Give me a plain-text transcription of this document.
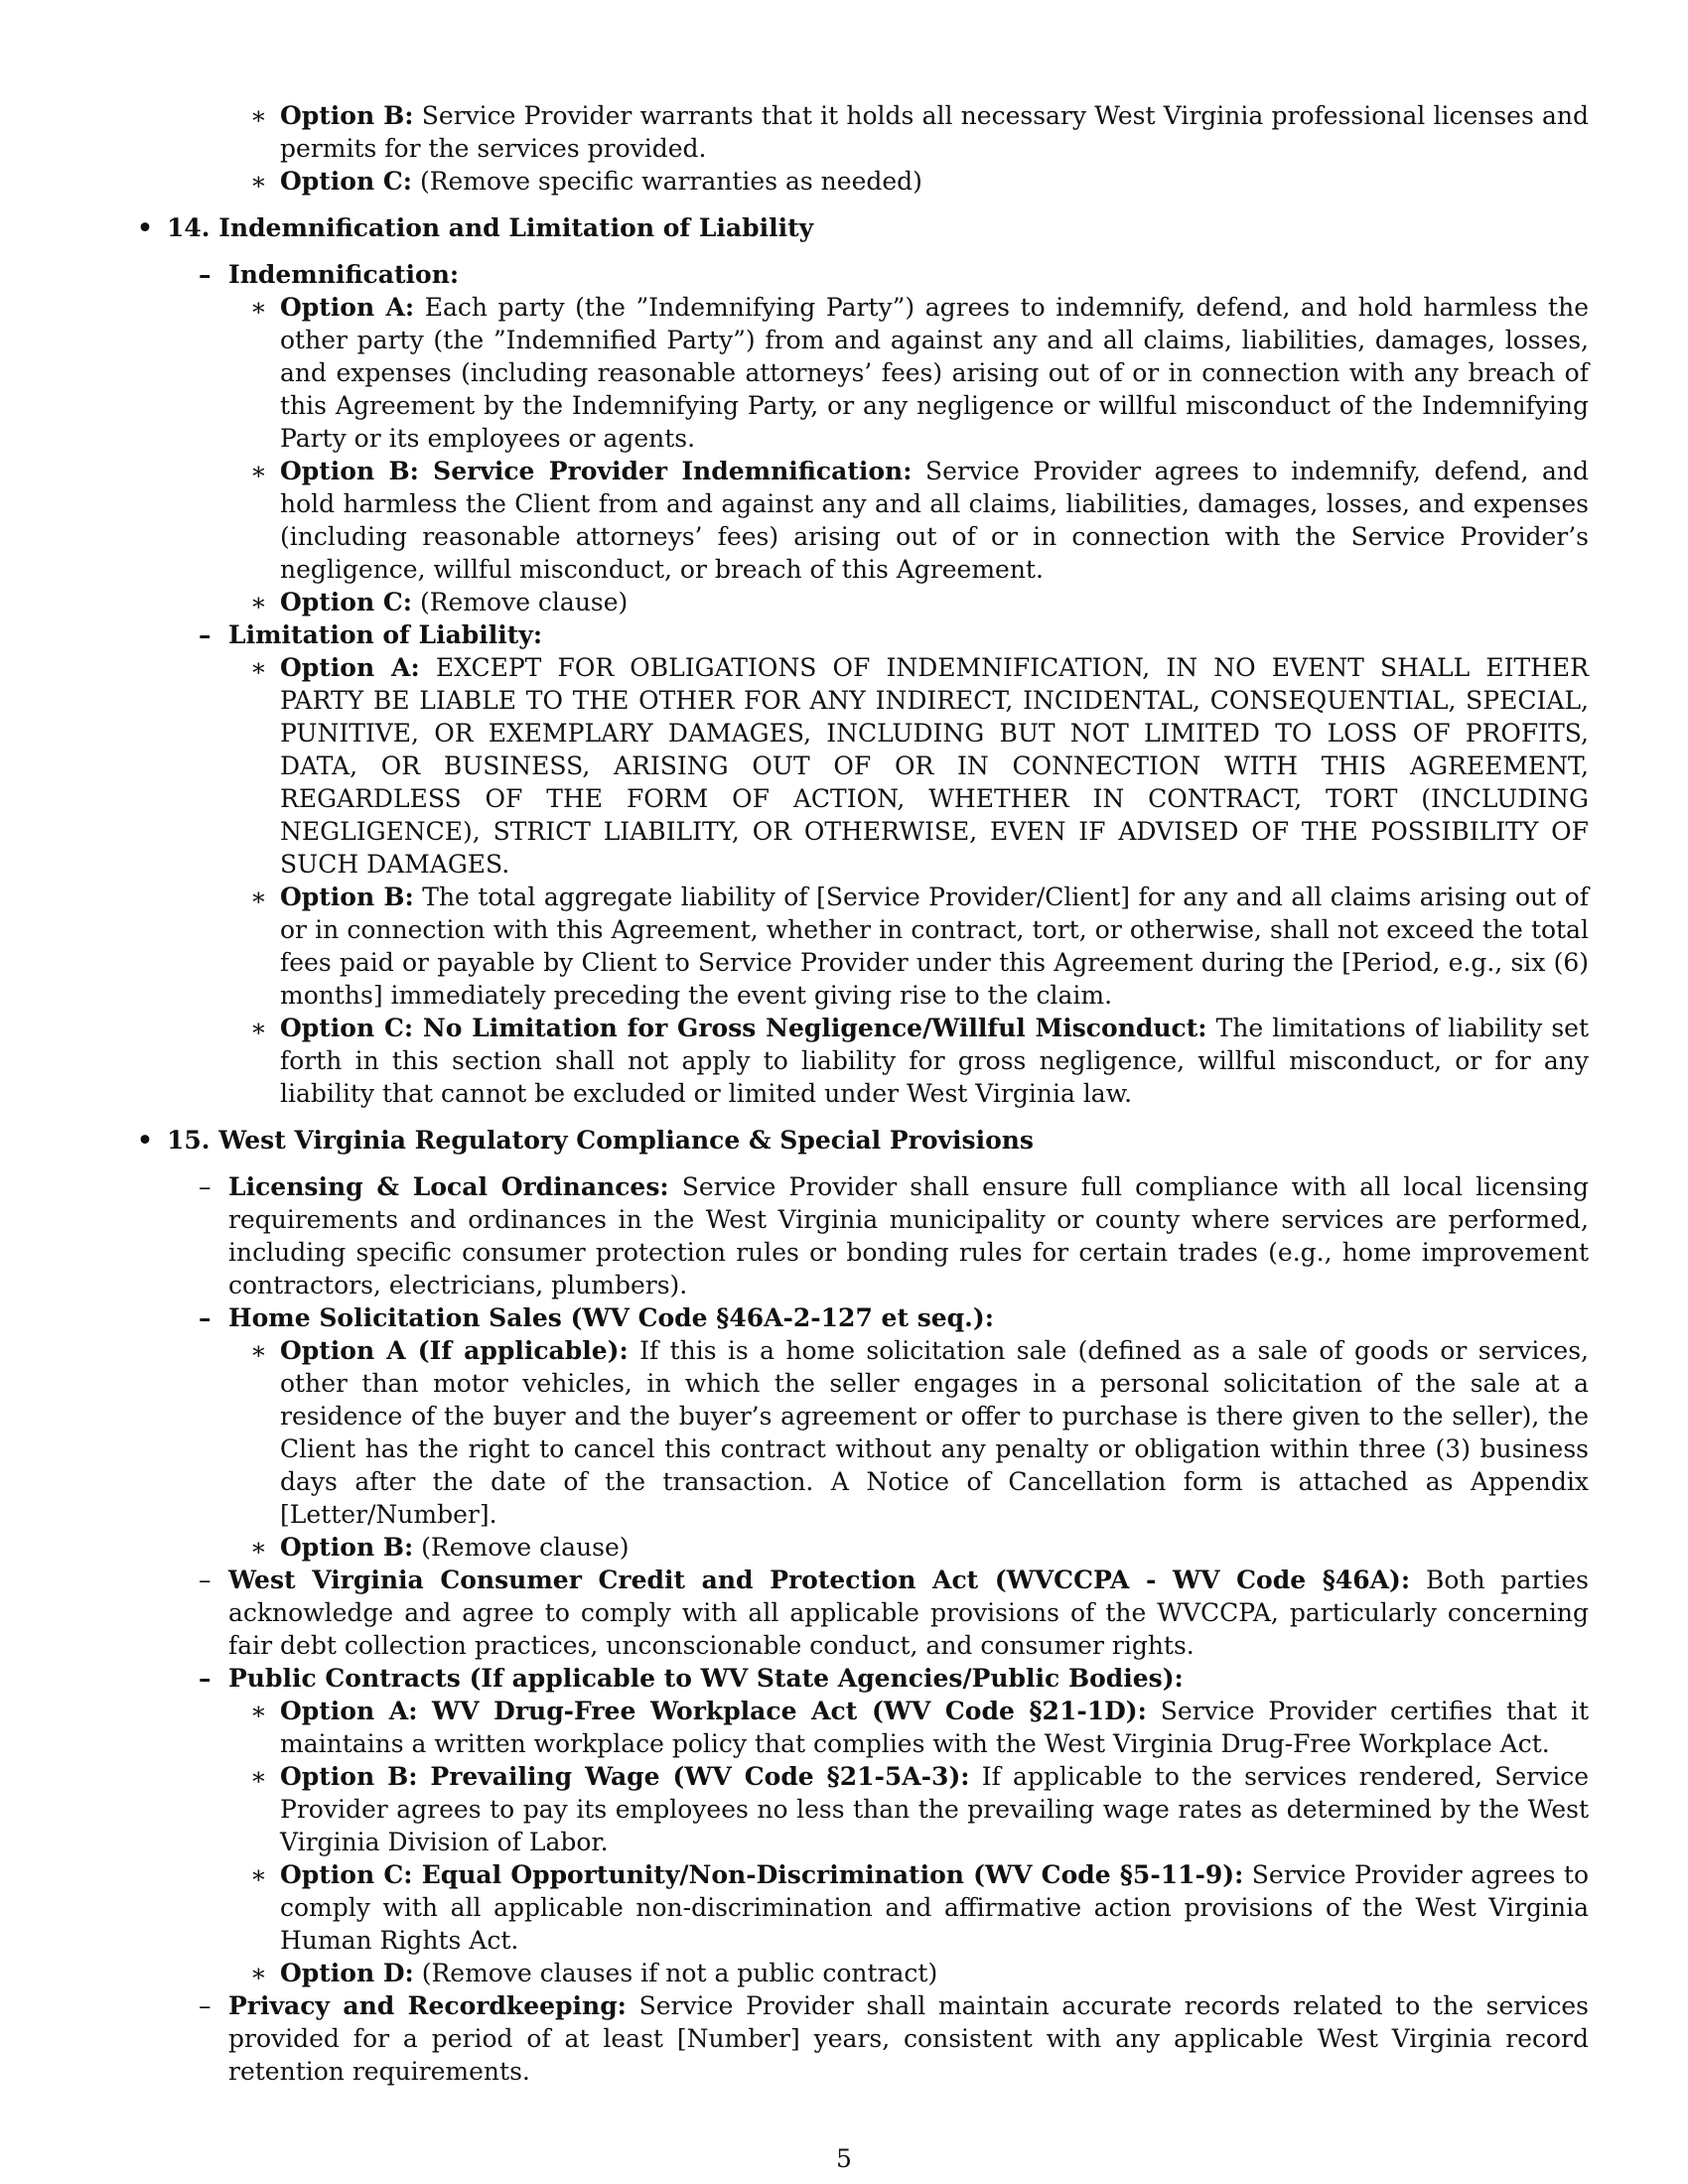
∗ Option B: Service Provider warrants that it holds all necessary West Virginia professional licenses and permits for the services provided.
∗ Option C: (Remove specific warranties as needed)
• 14. Indemnification and Limitation of Liability
– Indemnification:
∗ Option A: Each party (the ”Indemnifying Party”) agrees to indemnify, defend, and hold harmless the other party (the ”Indemnified Party”) from and against any and all claims, liabilities, damages, losses, and expenses (including reasonable attorneys’ fees) arising out of or in connection with any breach of this Agreement by the Indemnifying Party, or any negligence or willful misconduct of the Indemnifying Party or its employees or agents.
∗ Option B: Service Provider Indemnification: Service Provider agrees to indemnify, defend, and hold harmless the Client from and against any and all claims, liabilities, damages, losses, and expenses (including reasonable attorneys’ fees) arising out of or in connection with the Service Provider’s negligence, willful misconduct, or breach of this Agreement.
∗ Option C: (Remove clause)
– Limitation of Liability:
∗ Option A: EXCEPT FOR OBLIGATIONS OF INDEMNIFICATION, IN NO EVENT SHALL EITHER PARTY BE LIABLE TO THE OTHER FOR ANY INDIRECT, INCIDENTAL, CONSEQUENTIAL, SPECIAL, PUNITIVE, OR EXEMPLARY DAMAGES, INCLUDING BUT NOT LIMITED TO LOSS OF PROFITS, DATA, OR BUSINESS, ARISING OUT OF OR IN CONNECTION WITH THIS AGREEMENT, REGARDLESS OF THE FORM OF ACTION, WHETHER IN CONTRACT, TORT (INCLUDING NEGLIGENCE), STRICT LIABILITY, OR OTHERWISE, EVEN IF ADVISED OF THE POSSIBILITY OF SUCH DAMAGES.
∗ Option B: The total aggregate liability of [Service Provider/Client] for any and all claims arising out of or in connection with this Agreement, whether in contract, tort, or otherwise, shall not exceed the total fees paid or payable by Client to Service Provider under this Agreement during the [Period, e.g., six (6) months] immediately preceding the event giving rise to the claim.
∗ Option C: No Limitation for Gross Negligence/Willful Misconduct: The limitations of liability set forth in this section shall not apply to liability for gross negligence, willful misconduct, or for any liability that cannot be excluded or limited under West Virginia law.
• 15. West Virginia Regulatory Compliance & Special Provisions
– Licensing & Local Ordinances: Service Provider shall ensure full compliance with all local licensing requirements and ordinances in the West Virginia municipality or county where services are performed, including specific consumer protection rules or bonding rules for certain trades (e.g., home improvement contractors, electricians, plumbers).
– Home Solicitation Sales (WV Code §46A-2-127 et seq.):
∗ Option A (If applicable): If this is a home solicitation sale (defined as a sale of goods or services, other than motor vehicles, in which the seller engages in a personal solicitation of the sale at a residence of the buyer and the buyer’s agreement or offer to purchase is there given to the seller), the Client has the right to cancel this contract without any penalty or obligation within three (3) business days after the date of the transaction. A Notice of Cancellation form is attached as Appendix [Letter/Number].
∗ Option B: (Remove clause)
– West Virginia Consumer Credit and Protection Act (WVCCPA - WV Code §46A): Both parties acknowledge and agree to comply with all applicable provisions of the WVCCPA, particularly concerning fair debt collection practices, unconscionable conduct, and consumer rights.
– Public Contracts (If applicable to WV State Agencies/Public Bodies):
∗ Option A: WV Drug-Free Workplace Act (WV Code §21-1D): Service Provider certifies that it maintains a written workplace policy that complies with the West Virginia Drug-Free Workplace Act.
∗ Option B: Prevailing Wage (WV Code §21-5A-3): If applicable to the services rendered, Service Provider agrees to pay its employees no less than the prevailing wage rates as determined by the West Virginia Division of Labor.
∗ Option C: Equal Opportunity/Non-Discrimination (WV Code §5-11-9): Service Provider agrees to comply with all applicable non-discrimination and affirmative action provisions of the West Virginia Human Rights Act.
∗ Option D: (Remove clauses if not a public contract)
– Privacy and Recordkeeping: Service Provider shall maintain accurate records related to the services provided for a period of at least [Number] years, consistent with any applicable West Virginia record retention requirements.
5
